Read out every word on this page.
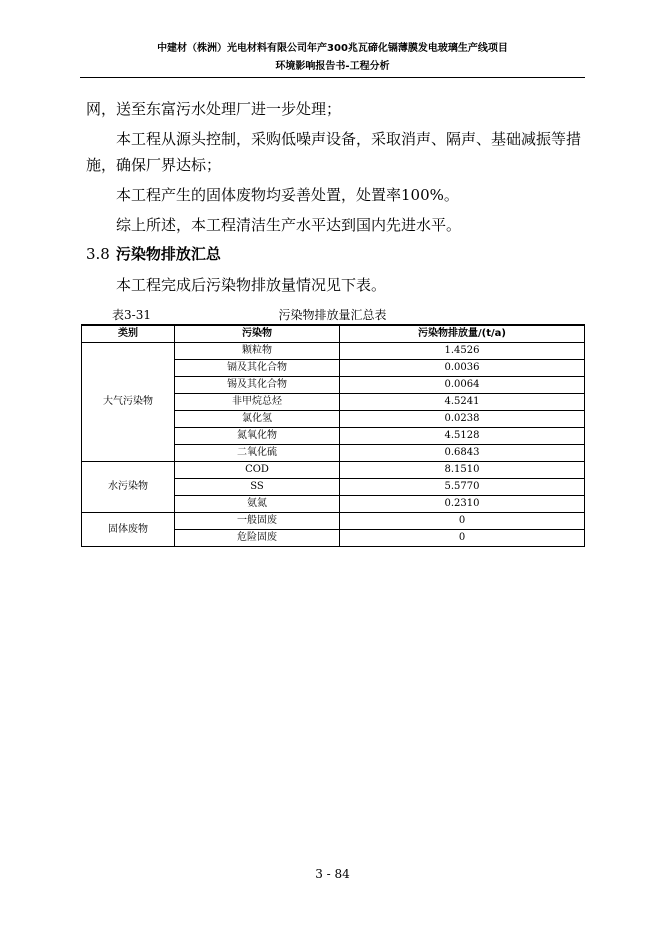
中建材（株洲）光电材料有限公司年产300兆瓦碲化镉薄膜发电玻璃生产线项目
环境影响报告书-工程分析

网，送至东富污水处理厂进一步处理；

本工程从源头控制，采购低噪声设备，采取消声、隔声、基础减振等措施，确保厂界达标；

本工程产生的固体废物均妥善处置，处置率100%。

综上所述，本工程清洁生产水平达到国内先进水平。

3.8 污染物排放汇总

本工程完成后污染物排放量情况见下表。

表3-31	污染物排放量汇总表
类别	污染物	污染物排放量/(t/a)
大气污染物	颗粒物	1.4526
	镉及其化合物	0.0036
	锡及其化合物	0.0064
	非甲烷总烃	4.5241
	氯化氢	0.0238
	氮氧化物	4.5128
	二氧化硫	0.6843
水污染物	COD	8.1510
	SS	5.5770
	氨氮	0.2310
固体废物	一般固废	0
	危险固废	0
3 - 84
